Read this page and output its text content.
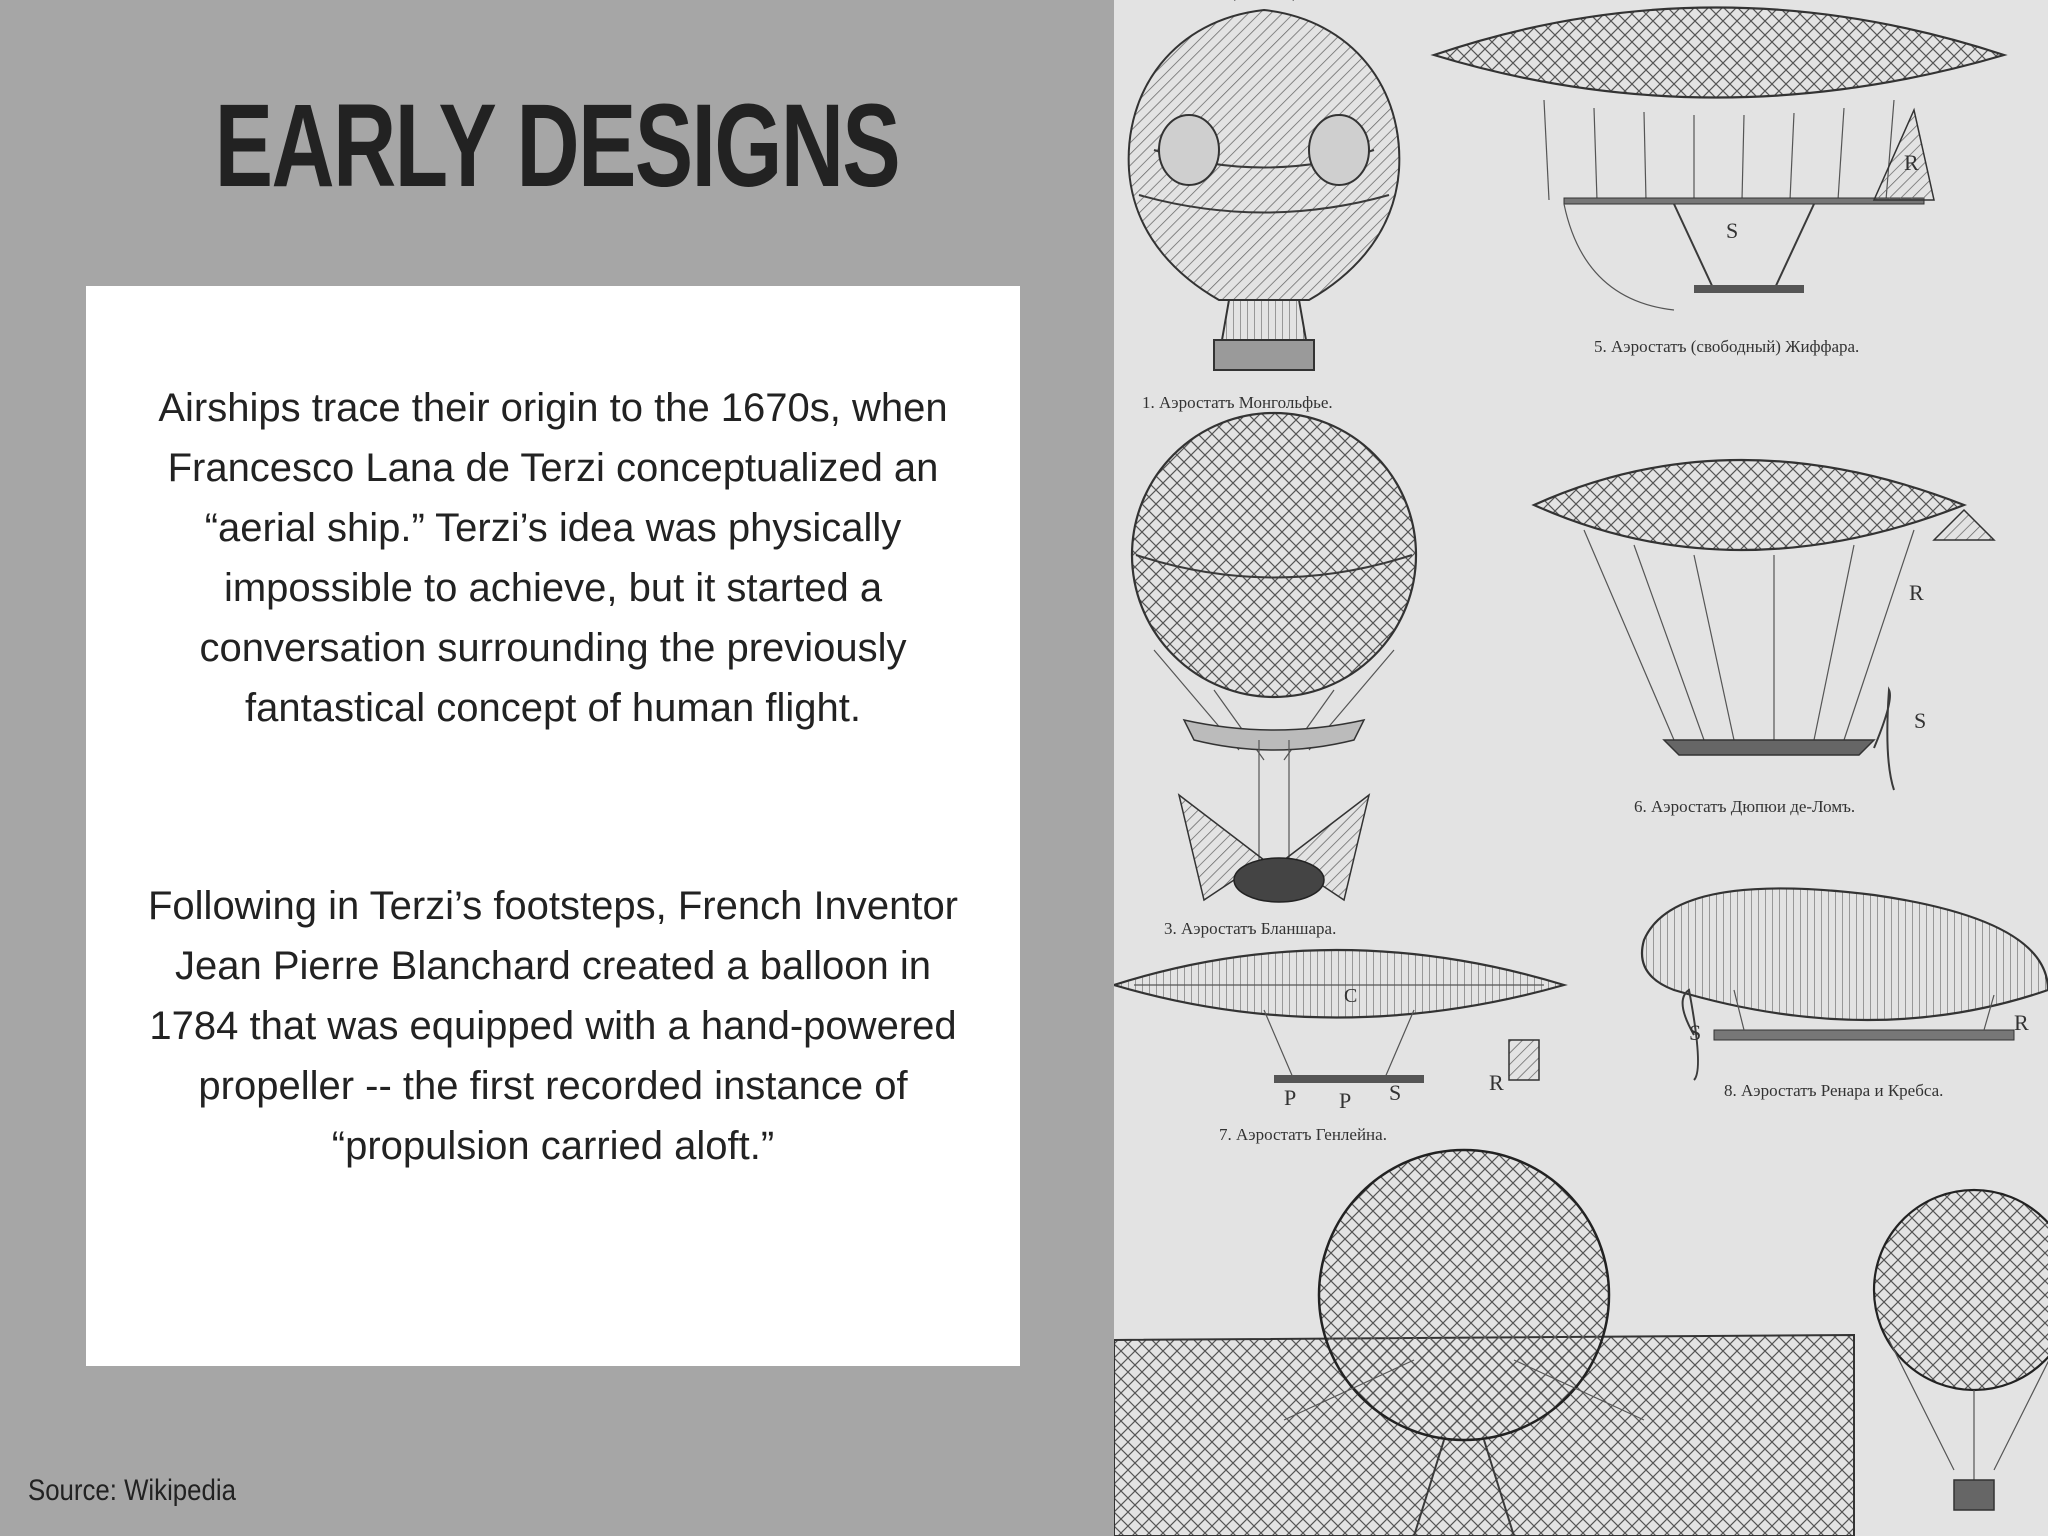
EARLY DESIGNS

Airships trace their origin to the 1670s, when Francesco Lana de Terzi conceptualized an “aerial ship.” Terzi’s idea was physically impossible to achieve, but it started a conversation surrounding the previously fantastical concept of human flight.

Following in Terzi’s footsteps, French Inventor Jean Pierre Blanchard created a balloon in 1784 that was equipped with a hand-powered propeller -- the first recorded instance of “propulsion carried aloft.”

Source: Wikipedia

R
S
5. Аэростатъ (свободный) Жиффара.
1. Аэростатъ Монгольфье.
3. Аэростатъ Бланшара.
R
S
6. Аэростатъ Дюпюи де-Ломъ.
C
P P S	R
7. Аэростатъ Генлейна.
S	R
8. Аэростатъ Ренара и Кребса.
